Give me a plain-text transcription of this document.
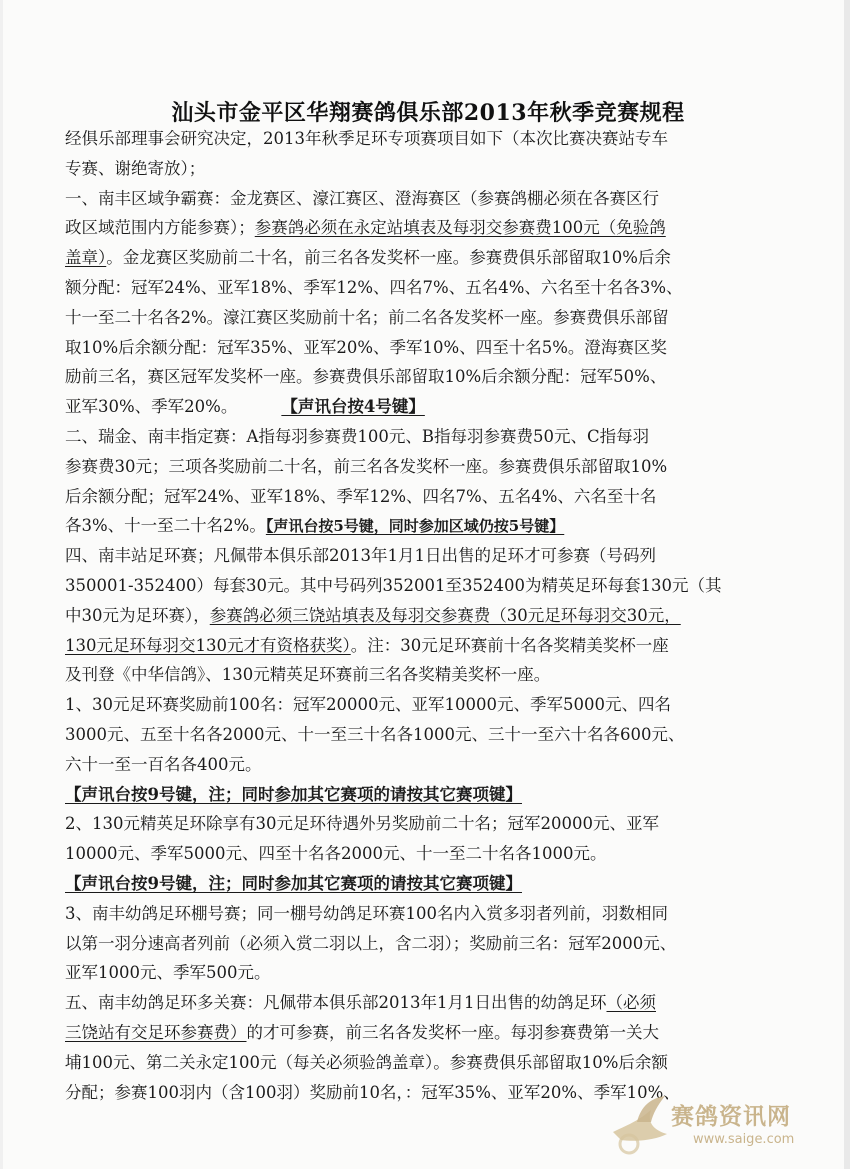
汕头市金平区华翔赛鸽俱乐部2013年秋季竞赛规程
经俱乐部理事会研究决定，2013年秋季足环专项赛项目如下（本次比赛决赛站专车
专赛、谢绝寄放）；
一、南丰区域争霸赛：金龙赛区、濠江赛区、澄海赛区（参赛鸽棚必须在各赛区行
政区域范围内方能参赛）；参赛鸽必须在永定站填表及每羽交参赛费100元（免验鸽
盖章）。金龙赛区奖励前二十名，前三名各发奖杯一座。参赛费俱乐部留取10%后余
额分配：冠军24%、亚军18%、季军12%、四名7%、五名4%、六名至十名各3%、
十一至二十名各2%。濠江赛区奖励前十名；前二名各发奖杯一座。参赛费俱乐部留
取10%后余额分配：冠军35%、亚军20%、季军10%、四至十名5%。澄海赛区奖
励前三名，赛区冠军发奖杯一座。参赛费俱乐部留取10%后余额分配：冠军50%、
亚军30%、季军20%。	【声讯台按4号键】
二、瑞金、南丰指定赛：A指每羽参赛费100元、B指每羽参赛费50元、C指每羽
参赛费30元；三项各奖励前二十名，前三名各发奖杯一座。参赛费俱乐部留取10%
后余额分配；冠军24%、亚军18%、季军12%、四名7%、五名4%、六名至十名
各3%、十一至二十名2%。【声讯台按5号键，同时参加区域仍按5号键】
四、南丰站足环赛；凡佩带本俱乐部2013年1月1日出售的足环才可参赛（号码列
350001-352400）每套30元。其中号码列352001至352400为精英足环每套130元（其
中30元为足环赛），参赛鸽必须三饶站填表及每羽交参赛费（30元足环每羽交30元，
130元足环每羽交130元才有资格获奖）。注：30元足环赛前十名各奖精美奖杯一座
及刊登《中华信鸽》、130元精英足环赛前三名各奖精美奖杯一座。
1、30元足环赛奖励前100名：冠军20000元、亚军10000元、季军5000元、四名
3000元、五至十名各2000元、十一至三十名各1000元、三十一至六十名各600元、
六十一至一百名各400元。
【声讯台按9号键，注；同时参加其它赛项的请按其它赛项键】
2、130元精英足环除享有30元足环待遇外另奖励前二十名；冠军20000元、亚军
10000元、季军5000元、四至十名各2000元、十一至二十名各1000元。
【声讯台按9号键，注；同时参加其它赛项的请按其它赛项键】
3、南丰幼鸽足环棚号赛；同一棚号幼鸽足环赛100名内入赏多羽者列前，羽数相同
以第一羽分速高者列前（必须入赏二羽以上，含二羽）；奖励前三名：冠军2000元、
亚军1000元、季军500元。
五、南丰幼鸽足环多关赛：凡佩带本俱乐部2013年1月1日出售的幼鸽足环（必须
三饶站有交足环参赛费）的才可参赛，前三名各发奖杯一座。每羽参赛费第一关大
埔100元、第二关永定100元（每关必须验鸽盖章）。参赛费俱乐部留取10%后余额
分配；参赛100羽内（含100羽）奖励前10名，：冠军35%、亚军20%、季军10%、
赛鸽资讯网
www.saige.com
